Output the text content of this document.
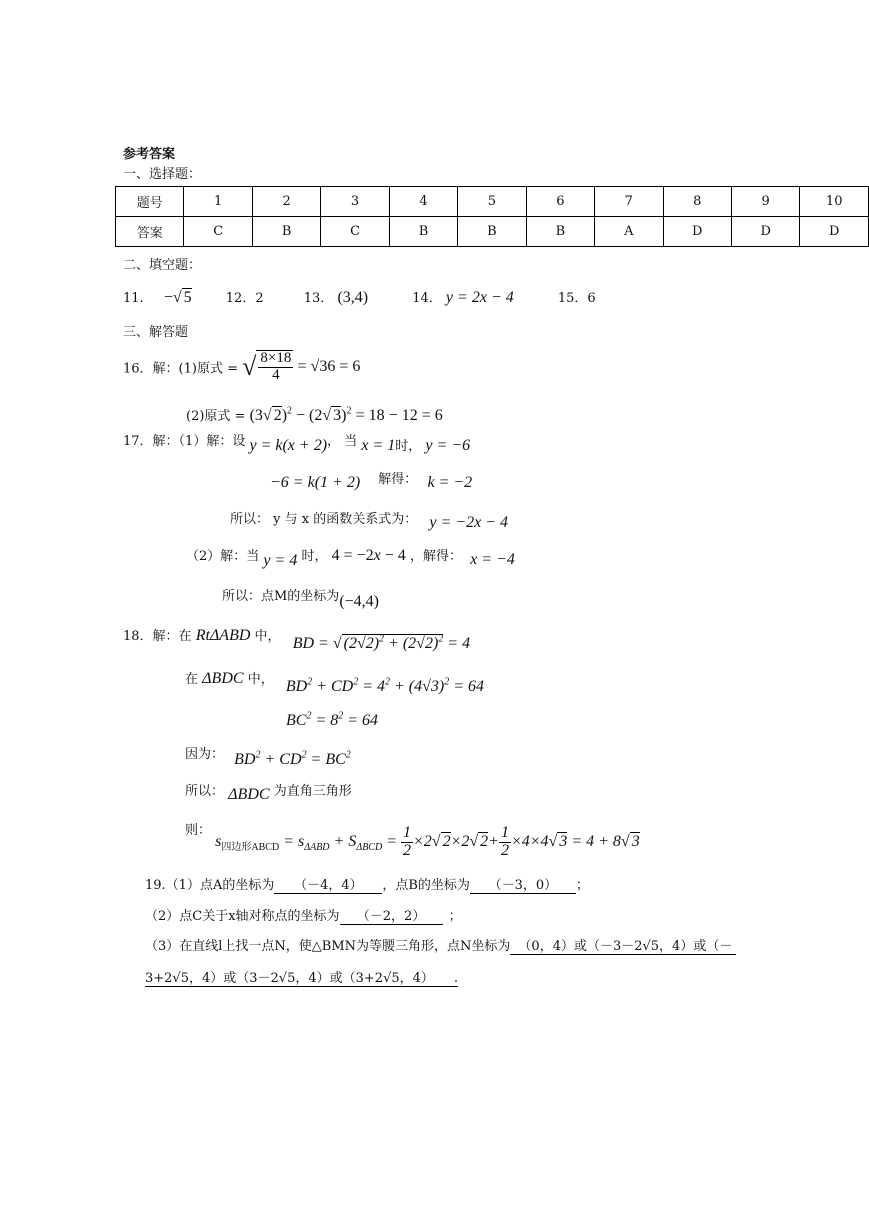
参考答案
一、选择题：
题号	1	2	3	4	5	6	7	8	9	10
答案	C	B	C	B	B	B	A	D	D	D
二、填空题：
11. −√ 5	12．2	13． (3,4)	14． y = 2x − 4	15．6
三、解答题
16．解：(1)原式 = √ $\frac{8\times 18}{4} = √36 = 6$
(2)原式 = (3√ 2)$^2$ − (2√ 3)$^2$ = 18 − 12 = 6
17．解：（1）解：设 y = k(x + 2)， 当 x = 1时， y = −6
−6 = k(1 + 2) 解得： k = −2
所以： y 与 x 的函数关系式为： y = −2x − 4
（2）解：当 y = 4 时， 4 = −2x − 4 ，解得： x = −4
所以：点M的坐标为(−4,4)
18．解：在 RtΔABD 中， BD = √ $(2√2)^2 + (2√2)^2 = 4$
在 ΔBDC 中， $BD^2 + CD^2 = 4^2 + (4√3)^2 = 64$
$BC^2 = 8^2 = 64$
因为： $BD^2 + CD^2 = BC^2$
所以： ΔBDC 为直角三角形
则： $s_{四边形ABCD} = s_{\Delta ABD} + S_{\Delta BCD} = \frac{1}{2} \times 2√$ 2×2√ $2+ \frac{1}{2} \times 4\times 4√$ 3 = 4 + 8√ 3
19.（1）点A的坐标为 （－4，4） ，点B的坐标为 （－3，0） ；
（2）点C关于x轴对称点的坐标为 （－2，2） ；
（3）在直线l上找一点N，使△BMN为等腰三角形，点N坐标为 （0，4）或（－3－2√5，4）或（－
3+2√5，4）或（3－2√5，4）或（3+2√5，4） .
